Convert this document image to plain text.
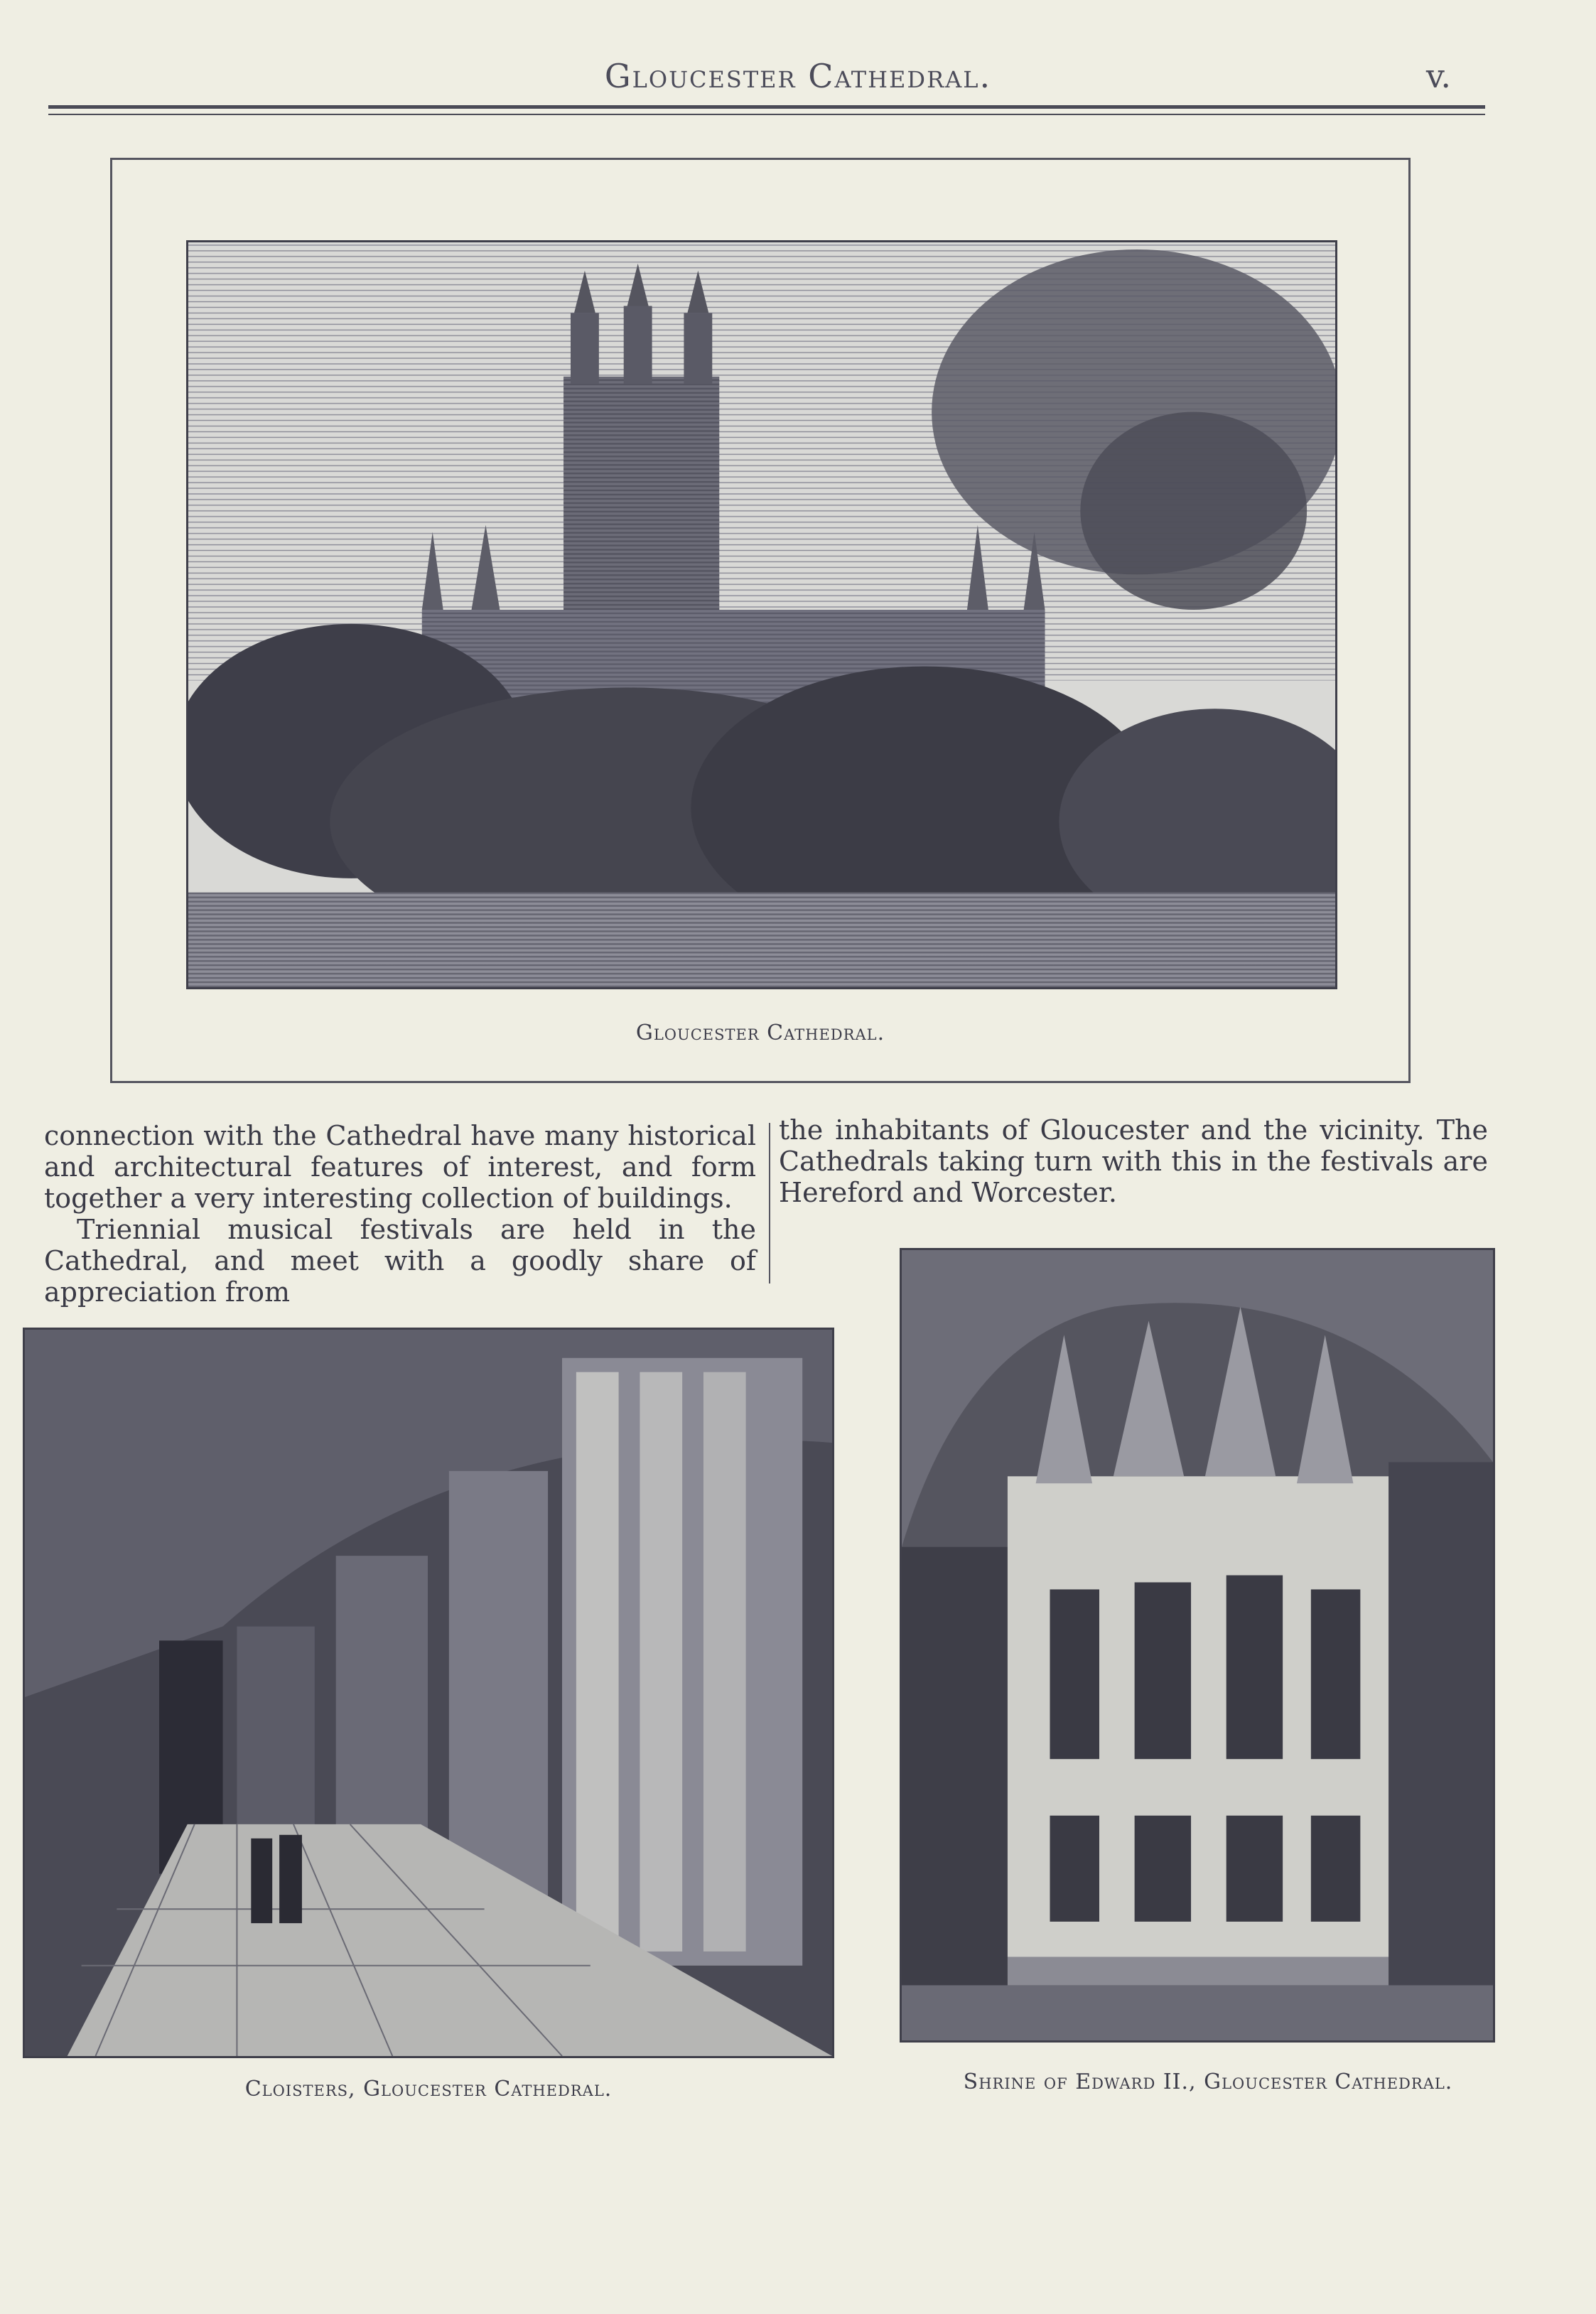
Gloucester Cathedral.	v.
Gloucester Cathedral.

connection with the Cathedral have many historical and architectural features of interest, and form together a very interesting collection of buildings.

Triennial musical festivals are held in the Cathedral, and meet with a goodly share of appreciation from

the inhabitants of Gloucester and the vicinity. The Cathedrals taking turn with this in the festivals are Hereford and Worcester.

Cloisters, Gloucester Cathedral.	Shrine of Edward II., Gloucester Cathedral.
